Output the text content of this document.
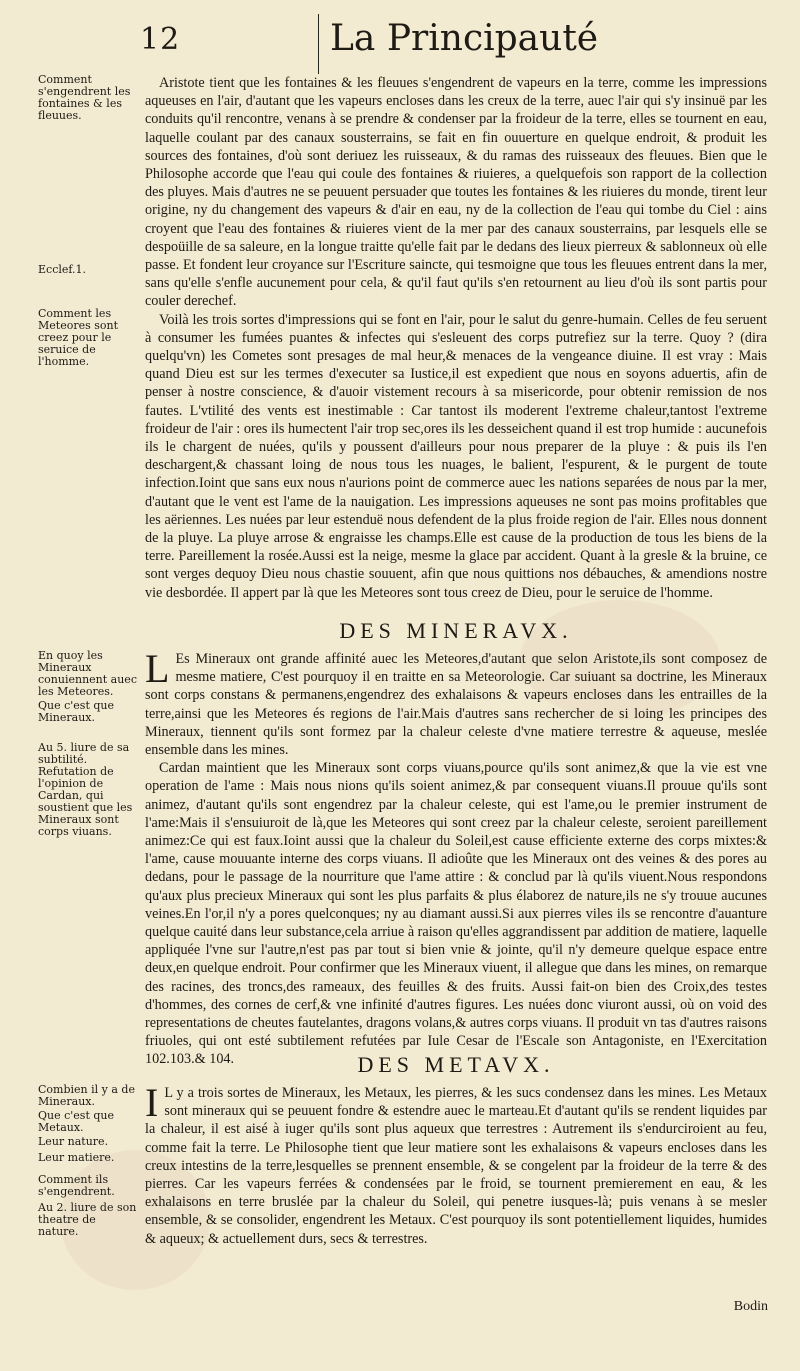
12	La Principauté
Comment s'engendrent les fontaines & les fleuues.
Ecclef.1.
Comment les Meteores sont creez pour le seruice de l'homme.

Aristote tient que les fontaines & les fleuues s'engendrent de vapeurs en la terre, comme les impressions aqueuses en l'air, d'autant que les vapeurs encloses dans les creux de la terre, auec l'air qui s'y insinuë par les conduits qu'il rencontre, venans à se prendre & condenser par la froideur de la terre, elles se tournent en eau, laquelle coulant par des canaux sousterrains, se fait en fin ouuerture en quelque endroit, & produit les sources des fontaines, d'où sont deriuez les ruisseaux, & du ramas des ruisseaux des fleuues. Bien que le Philosophe accorde que l'eau qui coule des fontaines & riuieres, a quelquefois son rapport de la collection des pluyes. Mais d'autres ne se peuuent persuader que toutes les fontaines & les riuieres du monde, tirent leur origine, ny du changement des vapeurs & d'air en eau, ny de la collection de l'eau qui tombe du Ciel : ains croyent que l'eau des fontaines & riuieres vient de la mer par des canaux sousterrains, par lesquels elle se despoüille de sa saleure, en la longue traitte qu'elle fait par le dedans des lieux pierreux & sablonneux où elle passe. Et fondent leur croyance sur l'Escriture saincte, qui tesmoigne que tous les fleuues entrent dans la mer, sans qu'elle s'enfle aucunement pour cela, & qu'il faut qu'ils s'en retournent au lieu d'où ils sont partis pour couler derechef.

Voilà les trois sortes d'impressions qui se font en l'air, pour le salut du genre-humain. Celles de feu seruent à consumer les fumées puantes & infectes qui s'esleuent des corps putrefiez sur la terre. Quoy ? (dira quelqu'vn) les Cometes sont presages de mal heur,& menaces de la vengeance diuine. Il est vray : Mais quand Dieu est sur les termes d'executer sa Iustice,il est expedient que nous en soyons aduertis, afin de penser à nostre conscience, & d'auoir vistement recours à sa misericorde, pour obtenir remission de nos fautes. L'vtilité des vents est inestimable : Car tantost ils moderent l'extreme chaleur,tantost l'extreme froideur de l'air : ores ils humectent l'air trop sec,ores ils les desseichent quand il est trop humide : aucunefois ils le chargent de nuées, qu'ils y poussent d'ailleurs pour nous preparer de la pluye : & puis ils l'en deschargent,& chassant loing de nous tous les nuages, le balient, l'espurent, & le purgent de toute infection.Ioint que sans eux nous n'aurions point de commerce auec les nations separées de nous par la mer, d'autant que le vent est l'ame de la nauigation. Les impressions aqueuses ne sont pas moins profitables que les aëriennes. Les nuées par leur estenduë nous defendent de la plus froide region de l'air. Elles nous donnent de la pluye. La pluye arrose & engraisse les champs.Elle est cause de la production de tous les biens de la terre. Pareillement la rosée.Aussi est la neige, mesme la glace par accident. Quant à la gresle & la bruine, ce sont verges dequoy Dieu nous chastie souuent, afin que nous quittions nos débauches, & amendions nostre vie desbordée. Il appert par là que les Meteores sont tous creez de Dieu, pour le seruice de l'homme.

DES MINERAVX.
En quoy les Mineraux conuiennent auec les Meteores.
Que c'est que Mineraux.
Au 5. liure de sa subtilité.
Refutation de l'opinion de Cardan, qui soustient que les Mineraux sont corps viuans.
L Es Mineraux ont grande affinité auec les Meteores,d'autant que selon Aristote,ils sont composez de mesme matiere, C'est pourquoy il en traitte en sa Meteorologie. Car suiuant sa doctrine, les Mineraux sont corps constans & permanens,engendrez des exhalaisons & vapeurs encloses dans les entrailles de la terre,ainsi que les Meteores és regions de l'air.Mais d'autres sans rechercher de si loing les principes des Mineraux, tiennent qu'ils sont formez par la chaleur celeste d'vne matiere terrestre & aqueuse, meslée ensemble dans les mines.

Cardan maintient que les Mineraux sont corps viuans,pource qu'ils sont animez,& que la vie est vne operation de l'ame : Mais nous nions qu'ils soient animez,& par consequent viuans.Il prouue qu'ils sont animez, d'autant qu'ils sont engendrez par la chaleur celeste, qui est l'ame,ou le premier instrument de l'ame:Mais il s'ensuiuroit de là,que les Meteores qui sont creez par la chaleur celeste, seroient pareillement animez:Ce qui est faux.Ioint aussi que la chaleur du Soleil,est cause efficiente externe des corps mixtes:& l'ame, cause mouuante interne des corps viuans. Il adioûte que les Mineraux ont des veines & des pores au dedans, pour le passage de la nourriture que l'ame attire : & conclud par là qu'ils viuent.Nous respondons qu'aux plus precieux Mineraux qui sont les plus parfaits & plus élaborez de nature,ils ne s'y trouue aucunes veines.En l'or,il n'y a pores quelconques; ny au diamant aussi.Si aux pierres viles ils se rencontre d'auanture quelque cauité dans leur substance,cela arriue à raison qu'elles aggrandissent par addition de matiere, laquelle appliquée l'vne sur l'autre,n'est pas par tout si bien vnie & jointe, qu'il n'y demeure quelque espace entre deux,en quelque endroit. Pour confirmer que les Mineraux viuent, il allegue que dans les mines, on remarque des racines, des troncs,des rameaux, des feuilles & des fruits. Aussi fait-on bien des Croix,des testes d'hommes, des cornes de cerf,& vne infinité d'autres figures. Les nuées donc viuront aussi, où on void des representations de cheutes fautelantes, dragons volans,& autres corps viuans. Il produit vn tas d'autres raisons friuoles, qui ont esté subtilement refutées par Iule Cesar de l'Escale son Antagoniste, en l'Exercitation 102.103.& 104.	DES METAVX.
Combien il y a de Mineraux.
Que c'est que Metaux.
Leur nature.
Leur matiere.
Comment ils s'engendrent.
Au 2. liure de son theatre de nature.
I L y a trois sortes de Mineraux, les Metaux, les pierres, & les sucs condensez dans les mines. Les Metaux sont mineraux qui se peuuent fondre & estendre auec le marteau.Et d'autant qu'ils se rendent liquides par la chaleur, il est aisé à iuger qu'ils sont plus aqueux que terrestres : Autrement ils s'endurciroient au feu, comme fait la terre. Le Philosophe tient que leur matiere sont les exhalaisons & vapeurs encloses dans les creux intestins de la terre,lesquelles se prennent ensemble, & se congelent par la froideur de la terre & des pierres. Car les vapeurs ferrées & condensées par le froid, se tournent premierement en eau, & les exhalaisons en terre bruslée par la chaleur du Soleil, qui penetre iusques-là; puis venans à se mesler ensemble, & se consolider, engendrent les Metaux. C'est pourquoy ils sont potentiellement liquides, humides & aqueux; & actuellement durs, secs & terrestres.

Bodin
